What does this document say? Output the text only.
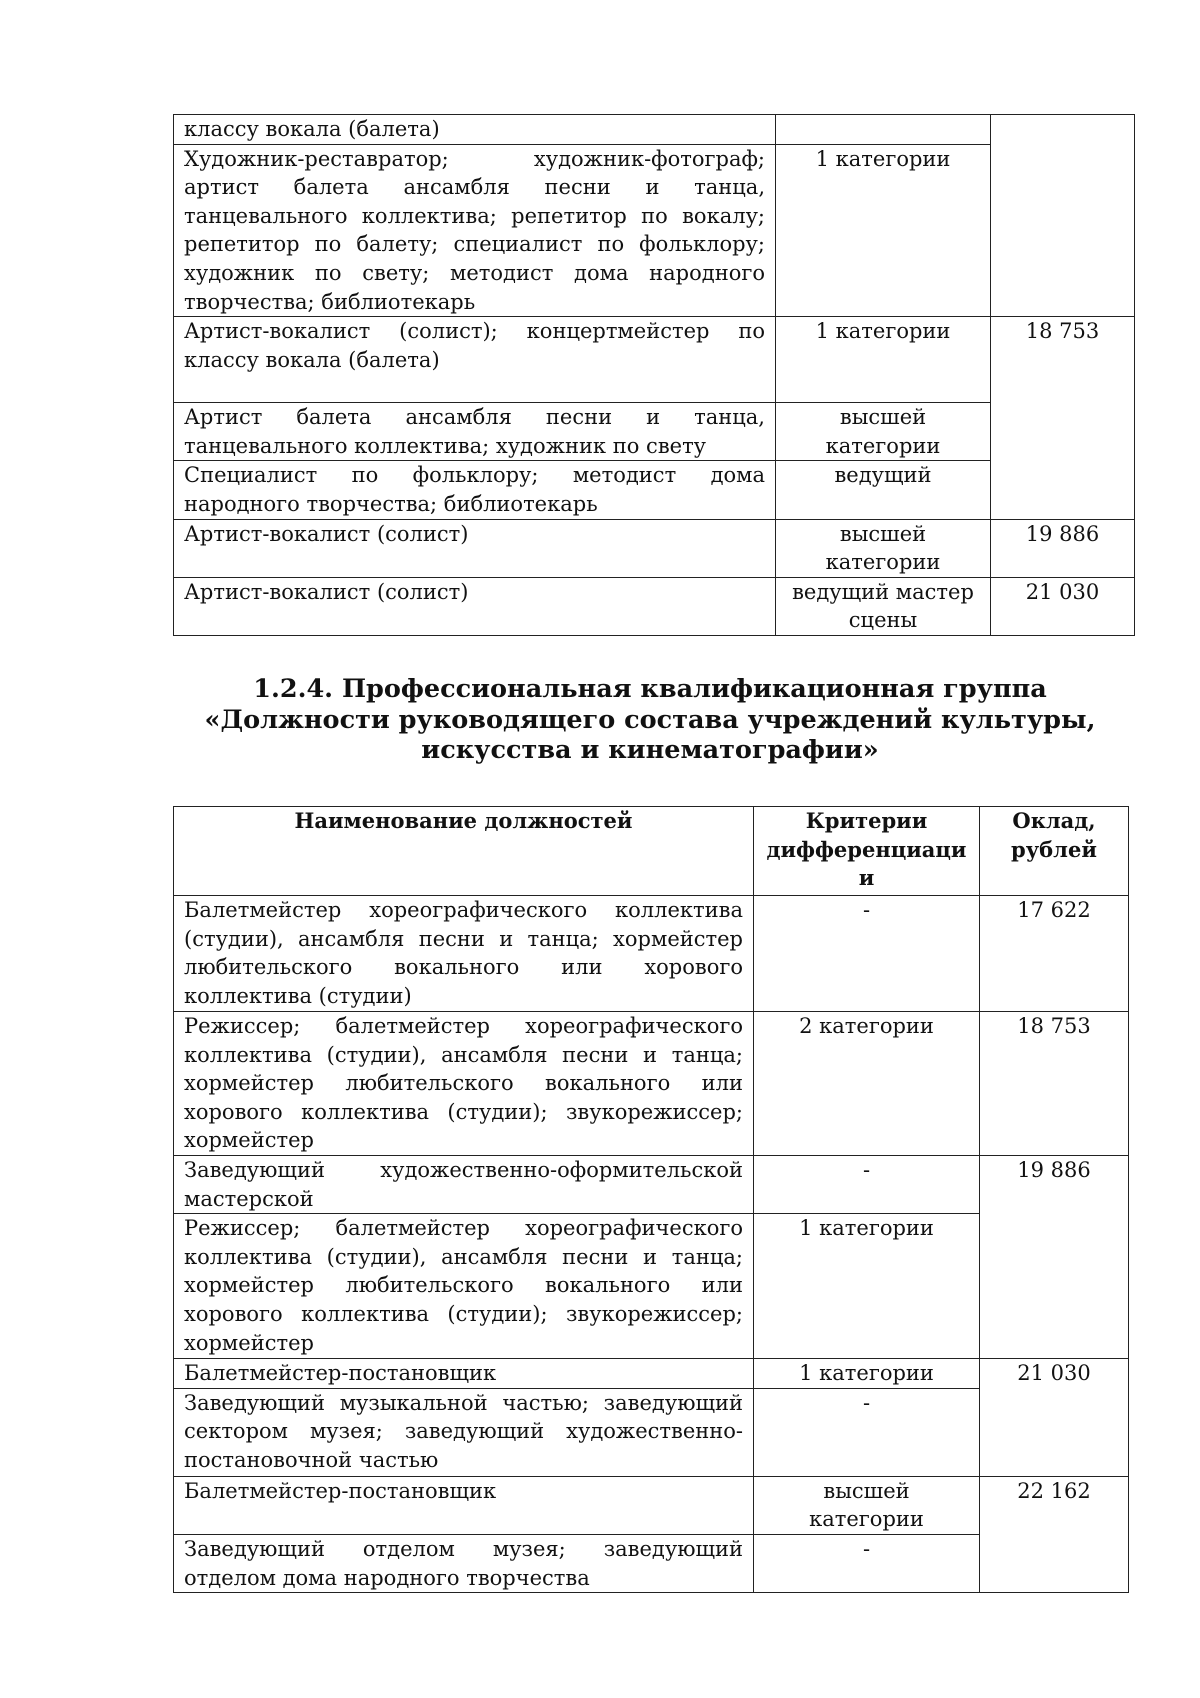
классу вокала (балета)		
Художник-реставратор; художник-фотограф; артист балета ансамбля песни и танца, танцевального коллектива; репетитор по вокалу; репетитор по балету; специалист по фольклору; художник по свету; методист дома народного творчества; библиотекарь	1 категории	
Артист-вокалист (солист); концертмейстер по классу вокала (балета)	1 категории	18 753
Артист балета ансамбля песни и танца, танцевального коллектива; художник по свету	высшей категории	
Специалист по фольклору; методист дома народного творчества; библиотекарь	ведущий	
Артист-вокалист (солист)	высшей категории	19 886
Артист-вокалист (солист)	ведущий мастер сцены	21 030
1.2.4. Профессиональная квалификационная группа
«Должности руководящего состава учреждений культуры,
искусства и кинематографии»
Наименование должностей	Критерии дифференциаци и	Оклад, рублей
Балетмейстер хореографического коллектива (студии), ансамбля песни и танца; хормейстер любительского вокального или хорового коллектива (студии)	-	17 622
Режиссер; балетмейстер хореографического коллектива (студии), ансамбля песни и танца; хормейстер любительского вокального или хорового коллектива (студии); звукорежиссер; хормейстер	2 категории	18 753
Заведующий художественно-оформительской мастерской	-	19 886
Режиссер; балетмейстер хореографического коллектива (студии), ансамбля песни и танца; хормейстер любительского вокального или хорового коллектива (студии); звукорежиссер; хормейстер	1 категории	
Балетмейстер-постановщик	1 категории	21 030
Заведующий музыкальной частью; заведующий сектором музея; заведующий художественно-постановочной частью	-	
Балетмейстер-постановщик	высшей категории	22 162
Заведующий отделом музея; заведующий отделом дома народного творчества	-	
